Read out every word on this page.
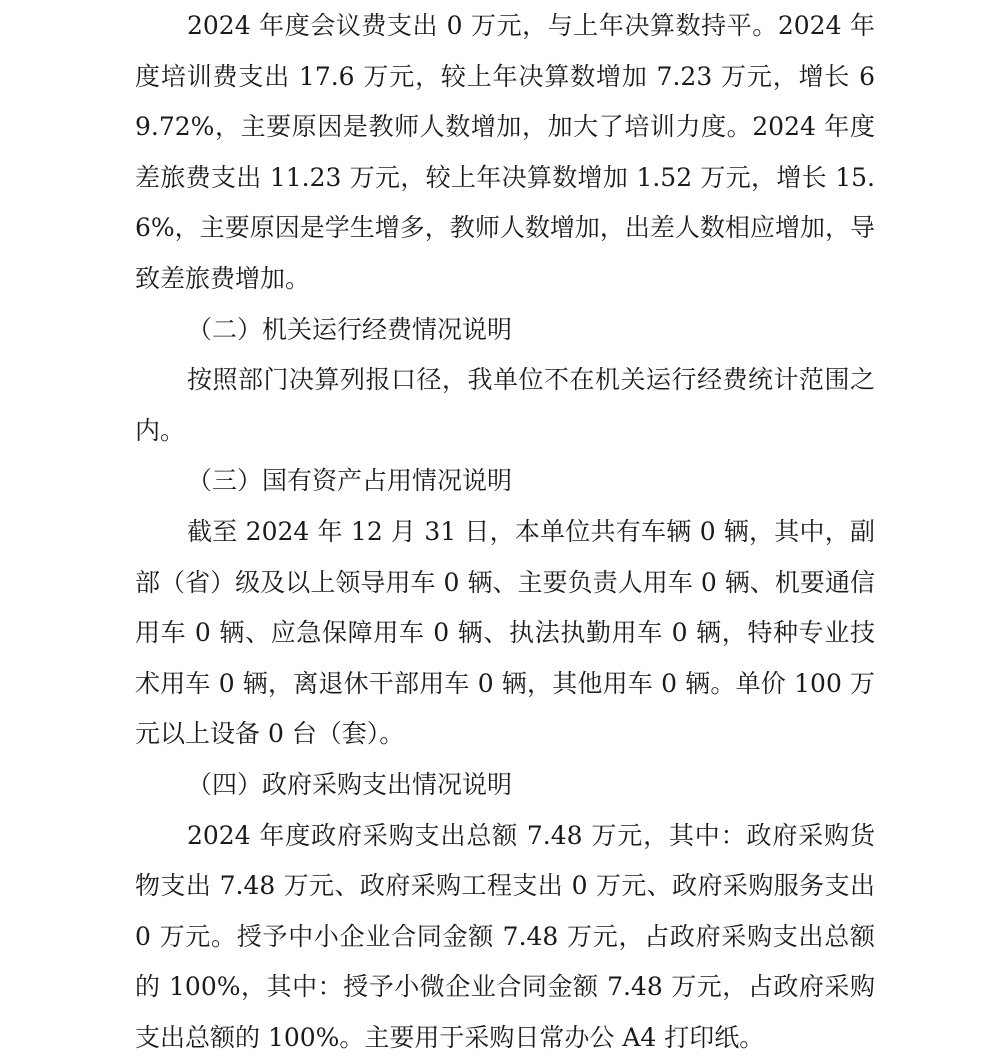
2024 年度会议费支出 0 万元，与上年决算数持平。2024 年度培训费支出 17.6 万元，较上年决算数增加 7.23 万元，增长 69.72%，主要原因是教师人数增加，加大了培训力度。2024 年度差旅费支出 11.23 万元，较上年决算数增加 1.52 万元，增长 15.6%，主要原因是学生增多，教师人数增加，出差人数相应增加，导致差旅费增加。

（二）机关运行经费情况说明

按照部门决算列报口径，我单位不在机关运行经费统计范围之内。

（三）国有资产占用情况说明

截至 2024 年 12 月 31 日，本单位共有车辆 0 辆，其中，副部（省）级及以上领导用车 0 辆、主要负责人用车 0 辆、机要通信用车 0 辆、应急保障用车 0 辆、执法执勤用车 0 辆，特种专业技术用车 0 辆，离退休干部用车 0 辆，其他用车 0 辆。单价 100 万元以上设备 0 台（套）。

（四）政府采购支出情况说明

2024 年度政府采购支出总额 7.48 万元，其中：政府采购货物支出 7.48 万元、政府采购工程支出 0 万元、政府采购服务支出 0 万元。授予中小企业合同金额 7.48 万元，占政府采购支出总额的 100%，其中：授予小微企业合同金额 7.48 万元，占政府采购支出总额的 100%。主要用于采购日常办公 A4 打印纸。
